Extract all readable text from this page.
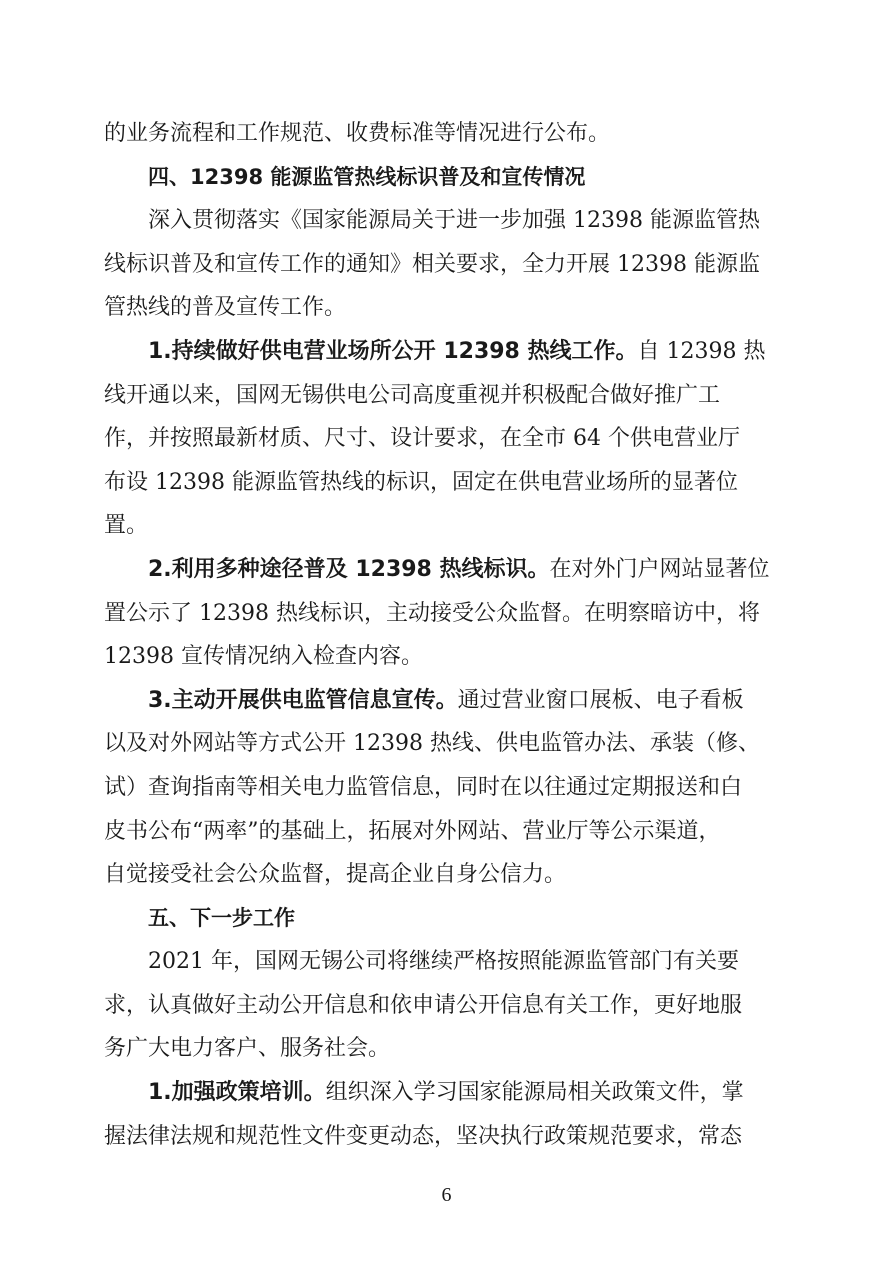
的业务流程和工作规范、收费标准等情况进行公布。
四、12398 能源监管热线标识普及和宣传情况
深入贯彻落实《国家能源局关于进一步加强 12398 能源监管热
线标识普及和宣传工作的通知》相关要求，全力开展 12398 能源监
管热线的普及宣传工作。
1.持续做好供电营业场所公开 12398 热线工作。自 12398 热
线开通以来，国网无锡供电公司高度重视并积极配合做好推广工
作，并按照最新材质、尺寸、设计要求，在全市 64 个供电营业厅
布设 12398 能源监管热线的标识，固定在供电营业场所的显著位
置。
2.利用多种途径普及 12398 热线标识。在对外门户网站显著位
置公示了 12398 热线标识，主动接受公众监督。在明察暗访中，将
12398 宣传情况纳入检查内容。
3.主动开展供电监管信息宣传。通过营业窗口展板、电子看板
以及对外网站等方式公开 12398 热线、供电监管办法、承装（修、
试）查询指南等相关电力监管信息，同时在以往通过定期报送和白
皮书公布“两率”的基础上，拓展对外网站、营业厅等公示渠道，
自觉接受社会公众监督，提高企业自身公信力。
五、下一步工作
2021 年，国网无锡公司将继续严格按照能源监管部门有关要
求，认真做好主动公开信息和依申请公开信息有关工作，更好地服
务广大电力客户、服务社会。
1.加强政策培训。组织深入学习国家能源局相关政策文件，掌
握法律法规和规范性文件变更动态，坚决执行政策规范要求，常态
6
